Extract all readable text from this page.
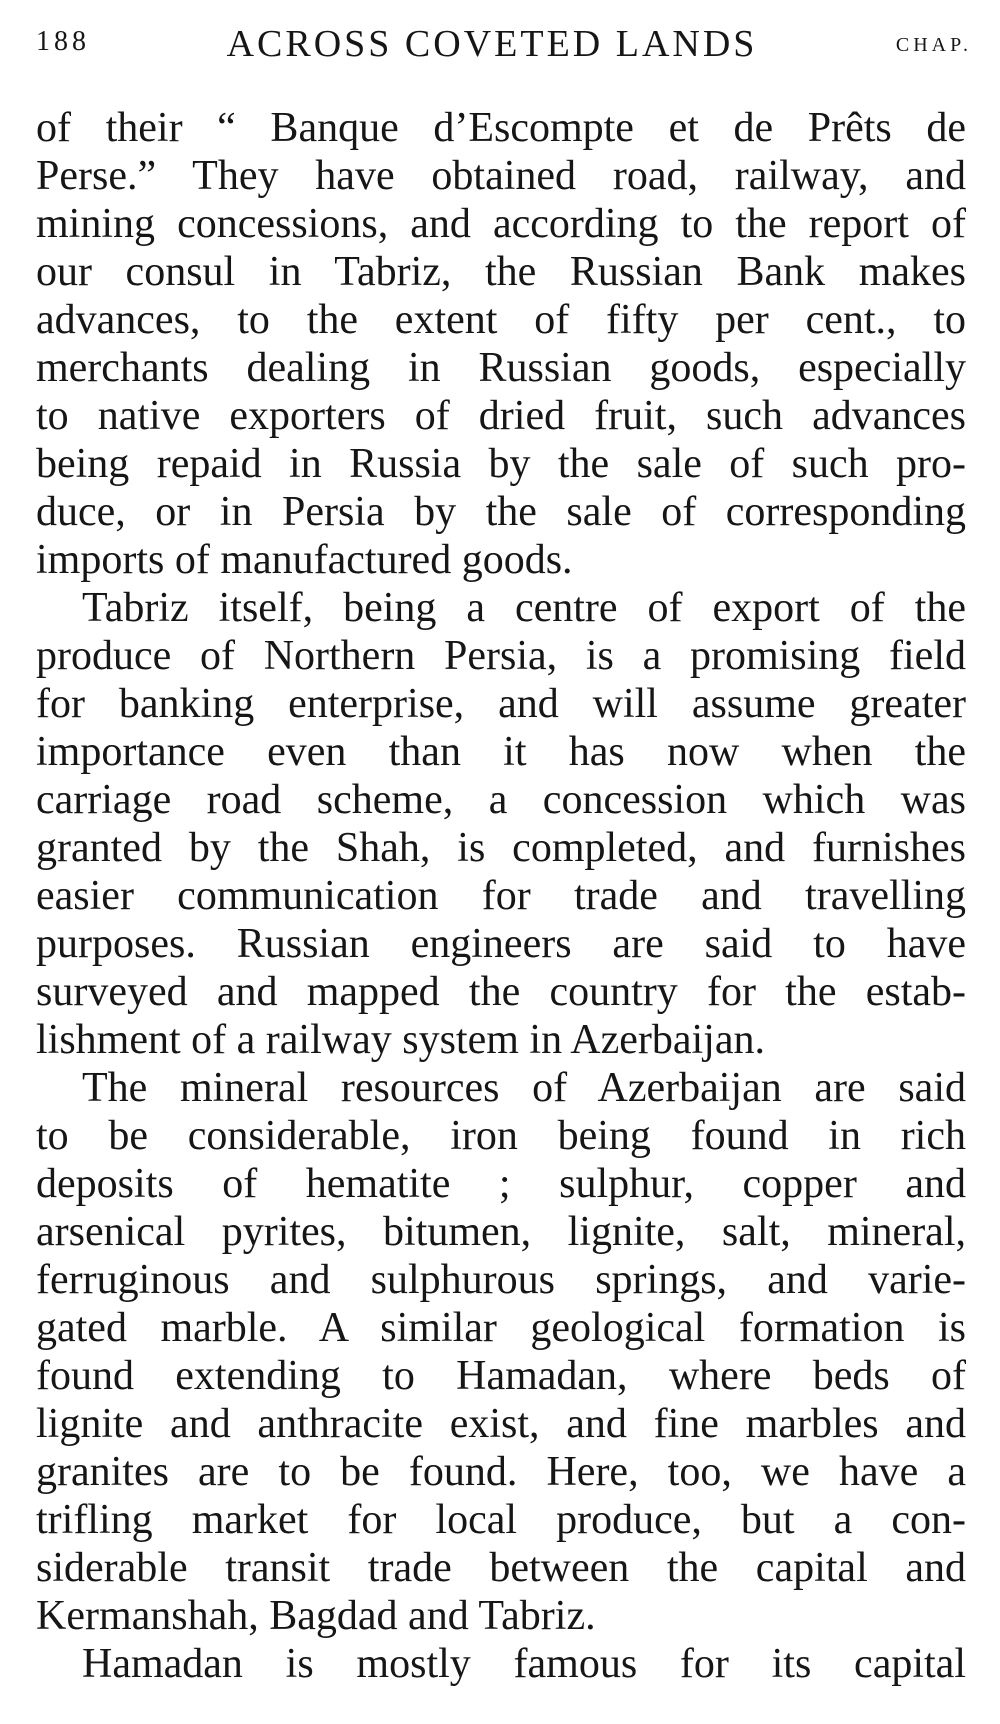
188	ACROSS COVETED LANDS	CHAP.
of their “ Banque d’Escompte et de Prêts de
Perse.” They have obtained road, railway, and
mining concessions, and according to the report of
our consul in Tabriz, the Russian Bank makes
advances, to the extent of fifty per cent., to
merchants dealing in Russian goods, especially
to native exporters of dried fruit, such advances
being repaid in Russia by the sale of such pro-
duce, or in Persia by the sale of corresponding
imports of manufactured goods.
Tabriz itself, being a centre of export of the
produce of Northern Persia, is a promising field
for banking enterprise, and will assume greater
importance even than it has now when the
carriage road scheme, a concession which was
granted by the Shah, is completed, and furnishes
easier communication for trade and travelling
purposes. Russian engineers are said to have
surveyed and mapped the country for the estab-
lishment of a railway system in Azerbaijan.
The mineral resources of Azerbaijan are said
to be considerable, iron being found in rich
deposits of hematite ; sulphur, copper and
arsenical pyrites, bitumen, lignite, salt, mineral,
ferruginous and sulphurous springs, and varie-
gated marble. A similar geological formation is
found extending to Hamadan, where beds of
lignite and anthracite exist, and fine marbles and
granites are to be found. Here, too, we have a
trifling market for local produce, but a con-
siderable transit trade between the capital and
Kermanshah, Bagdad and Tabriz.
Hamadan is mostly famous for its capital
